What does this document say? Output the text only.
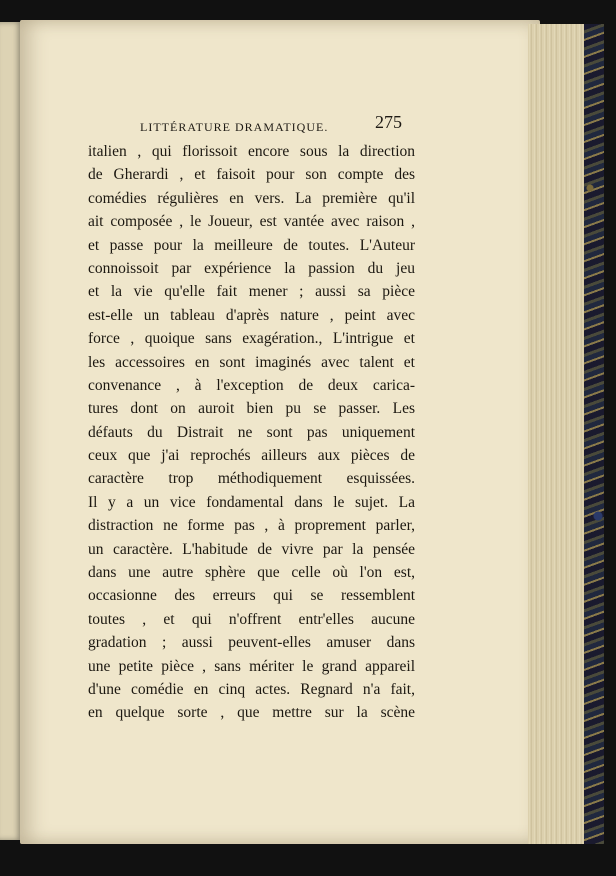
LITTÉRATURE DRAMATIQUE.	275
italien , qui florissoit encore sous la direction
de Gherardi , et faisoit pour son compte des
comédies régulières en vers. La première qu'il
ait composée , le Joueur, est vantée avec raison ,
et passe pour la meilleure de toutes. L'Auteur
connoissoit par expérience la passion du jeu
et la vie qu'elle fait mener ; aussi sa pièce
est-elle un tableau d'après nature , peint avec
force , quoique sans exagération., L'intrigue et
les accessoires en sont imaginés avec talent et
convenance , à l'exception de deux carica-
tures dont on auroit bien pu se passer. Les
défauts du Distrait ne sont pas uniquement
ceux que j'ai reprochés ailleurs aux pièces de
caractère trop méthodiquement esquissées.
Il y a un vice fondamental dans le sujet. La
distraction ne forme pas , à proprement parler,
un caractère. L'habitude de vivre par la pensée
dans une autre sphère que celle où l'on est,
occasionne des erreurs qui se ressemblent
toutes , et qui n'offrent entr'elles aucune
gradation ; aussi peuvent-elles amuser dans
une petite pièce , sans mériter le grand appareil
d'une comédie en cinq actes. Regnard n'a fait,
en quelque sorte , que mettre sur la scène
